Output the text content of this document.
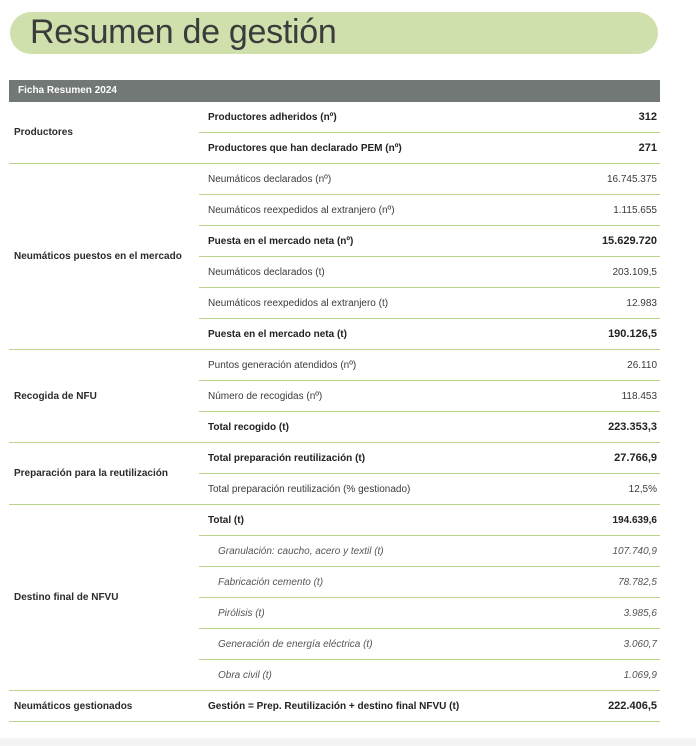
Resumen de gestión
Ficha Resumen 2024
Productores
Productores adheridos (nº)	312
Productores que han declarado PEM (nº)	271
Neumáticos puestos en el mercado
Neumáticos declarados (nº)	16.745.375
Neumáticos reexpedidos al extranjero (nº)	1.115.655
Puesta en el mercado neta (nº)	15.629.720
Neumáticos declarados (t)	203.109,5
Neumáticos reexpedidos al extranjero (t)	12.983
Puesta en el mercado neta (t)	190.126,5
Recogida de NFU
Puntos generación atendidos (nº)	26.110
Número de recogidas (nº)	118.453
Total recogido (t)	223.353,3
Preparación para la reutilización
Total preparación reutilización (t)	27.766,9
Total preparación reutilización (% gestionado)	12,5%
Destino final de NFVU
Total (t)	194.639,6
Granulación: caucho, acero y textil (t)	107.740,9
Fabricación cemento (t)	78.782,5
Pirólisis (t)	3.985,6
Generación de energía eléctrica (t)	3.060,7
Obra civil (t)	1.069,9
Neumáticos gestionados	Gestión = Prep. Reutilización + destino final NFVU (t)	222.406,5
